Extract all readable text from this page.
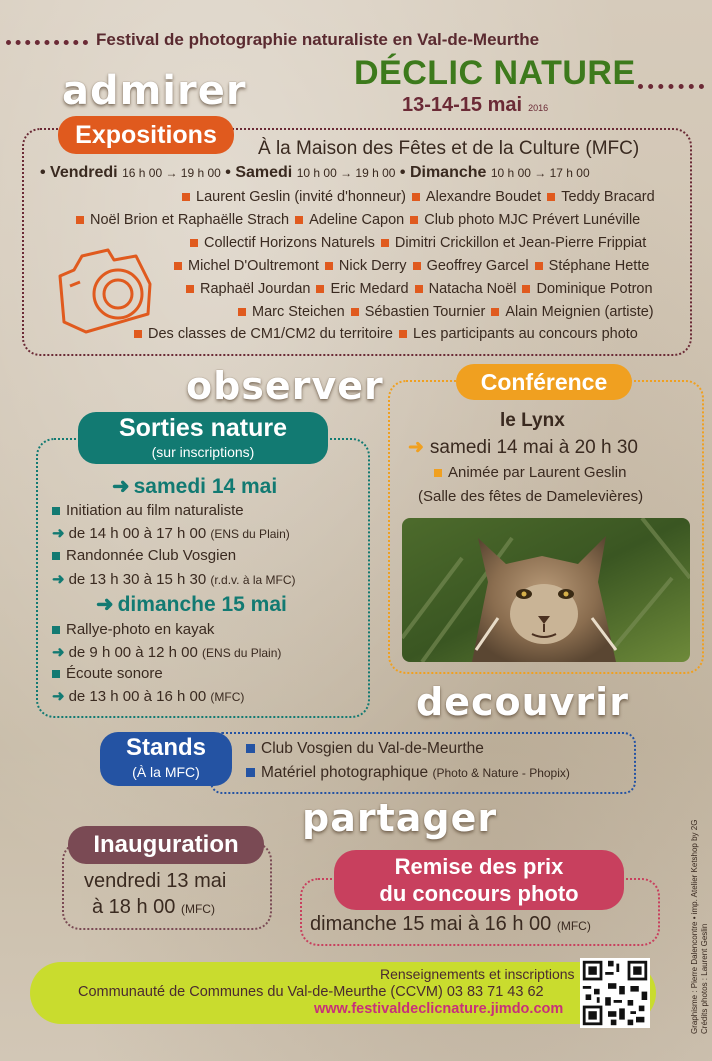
Festival de photographie naturaliste en Val-de-Meurthe
DÉCLIC NATURE
13-14-15 mai 2016
admirer
Expositions	À la Maison des Fêtes et de la Culture (MFC)
• Vendredi 16 h 00 → 19 h 00 • Samedi 10 h 00 → 19 h 00 • Dimanche 10 h 00 → 17 h 00
Laurent Geslin (invité d'honneur) Alexandre Boudet Teddy Bracard
Noël Brion et Raphaëlle Strach Adeline Capon Club photo MJC Prévert Lunéville
Collectif Horizons Naturels Dimitri Crickillon et Jean-Pierre Frippiat
Michel D'Oultremont Nick Derry Geoffrey Garcel Stéphane Hette
Raphaël Jourdan Eric Medard Natacha Noël Dominique Potron
Marc Steichen Sébastien Tournier Alain Meignien (artiste)
Des classes de CM1/CM2 du territoire Les participants au concours photo
observer
Sorties nature
(sur inscriptions)
➜ samedi 14 mai
Initiation au film naturaliste
➜ de 14 h 00 à 17 h 00 (ENS du Plain)
Randonnée Club Vosgien
➜ de 13 h 30 à 15 h 30 (r.d.v. à la MFC)
➜ dimanche 15 mai
Rallye-photo en kayak
➜ de 9 h 00 à 12 h 00 (ENS du Plain)
Écoute sonore
➜ de 13 h 00 à 16 h 00 (MFC)
Conférence
le Lynx
➜ samedi 14 mai à 20 h 30
Animée par Laurent Geslin
(Salle des fêtes de Damelevières)
decouvrir
Stands
(À la MFC)
Club Vosgien du Val-de-Meurthe
Matériel photographique (Photo & Nature - Phopix)
partager
Inauguration
vendredi 13 mai
à 18 h 00 (MFC)
Remise des prix
du concours photo
dimanche 15 mai à 16 h 00 (MFC)
Renseignements et inscriptions
Communauté de Communes du Val-de-Meurthe (CCVM) 03 83 71 43 62
www.festivaldeclicnature.jimdo.com	Crédits photos : Laurent Geslin
Graphisme : Pierre Dalencontre • imp. Atelier Ketshop by 2G
